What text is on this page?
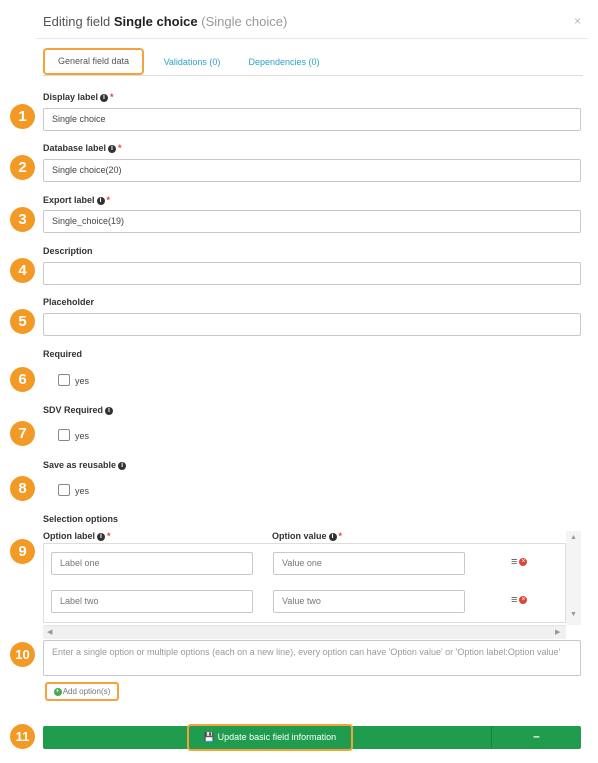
Editing field Single choice (Single choice)	×
General field data	Validations (0)	Dependencies (0)
1
2
3
4
5
6
7
8
9
10
11
Display label i *
Single choice
Database label i *
Single choice(20)
Export label i *
Single_choice(19)
Description
Placeholder
Required
yes
SDV Required i
yes
Save as reusable i
yes
Selection options
Option label i *	Option value i *
Label one	Value one	≡ ×
Label two	Value two	≡ ×
▲
▼
◀	▶
Enter a single option or multiple options (each on a new line), every option can have 'Option value' or 'Option label:Option value'
+ Add option(s)
💾 Update basic field information	–
